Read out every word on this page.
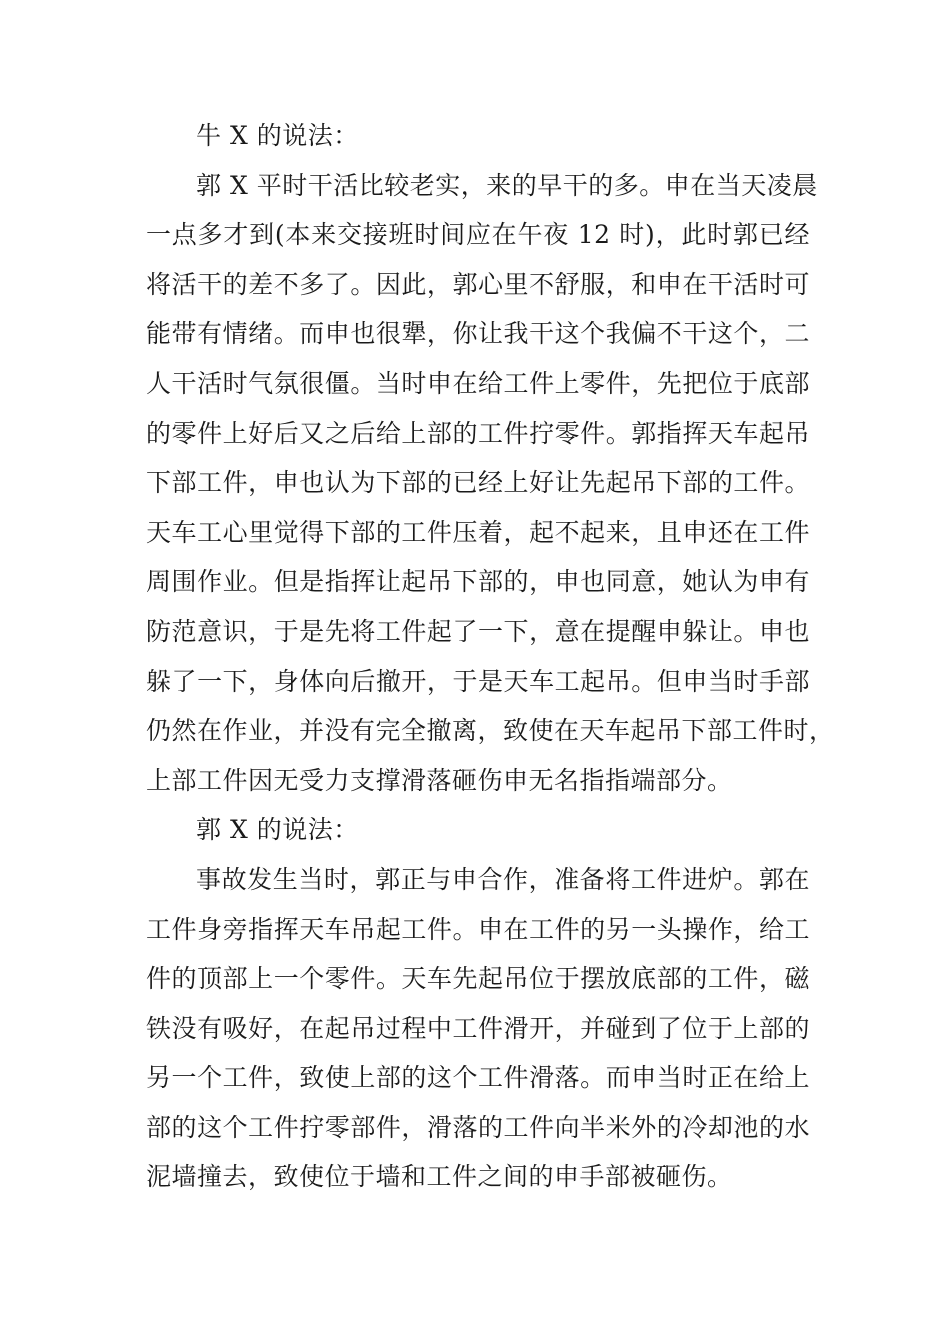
牛 X 的说法：
郭 X 平时干活比较老实，来的早干的多。申在当天凌晨
一点多才到(本来交接班时间应在午夜 12 时)，此时郭已经
将活干的差不多了。因此，郭心里不舒服，和申在干活时可
能带有情绪。而申也很犟，你让我干这个我偏不干这个，二
人干活时气氛很僵。当时申在给工件上零件，先把位于底部
的零件上好后又之后给上部的工件拧零件。郭指挥天车起吊
下部工件，申也认为下部的已经上好让先起吊下部的工件。
天车工心里觉得下部的工件压着，起不起来，且申还在工件
周围作业。但是指挥让起吊下部的，申也同意，她认为申有
防范意识，于是先将工件起了一下，意在提醒申躲让。申也
躲了一下，身体向后撤开，于是天车工起吊。但申当时手部
仍然在作业，并没有完全撤离，致使在天车起吊下部工件时，
上部工件因无受力支撑滑落砸伤申无名指指端部分。
郭 X 的说法：
事故发生当时，郭正与申合作，准备将工件进炉。郭在
工件身旁指挥天车吊起工件。申在工件的另一头操作，给工
件的顶部上一个零件。天车先起吊位于摆放底部的工件，磁
铁没有吸好，在起吊过程中工件滑开，并碰到了位于上部的
另一个工件，致使上部的这个工件滑落。而申当时正在给上
部的这个工件拧零部件，滑落的工件向半米外的冷却池的水
泥墙撞去，致使位于墙和工件之间的申手部被砸伤。
